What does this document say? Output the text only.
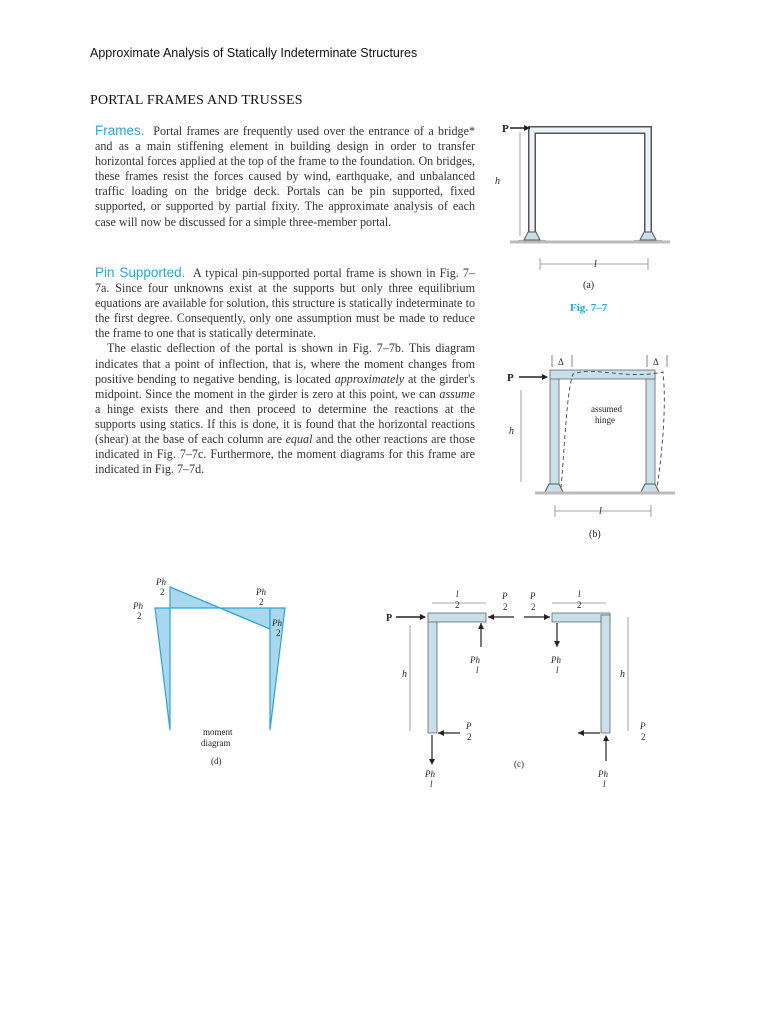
Approximate Analysis of Statically Indeterminate Structures
PORTAL FRAMES AND TRUSSES

Frames. Portal frames are frequently used over the entrance of a bridge* and as a main stiffening element in building design in order to transfer horizontal forces applied at the top of the frame to the foundation. On bridges, these frames resist the forces caused by wind, earthquake, and unbalanced traffic loading on the bridge deck. Portals can be pin supported, fixed supported, or supported by partial fixity. The approximate analysis of each case will now be discussed for a simple three-member portal.

Pin Supported. A typical pin-supported portal frame is shown in Fig. 7–7a. Since four unknowns exist at the supports but only three equilibrium equations are available for solution, this structure is statically indeterminate to the first degree. Consequently, only one assumption must be made to reduce the frame to one that is statically determinate.

The elastic deflection of the portal is shown in Fig. 7–7b. This diagram indicates that a point of inflection, that is, where the moment changes from positive bending to negative bending, is located approximately at the girder's midpoint. Since the moment in the girder is zero at this point, we can assume a hinge exists there and then proceed to determine the reactions at the supports using statics. If this is done, it is found that the horizontal reactions (shear) at the base of each column are equal and the other reactions are those indicated in Fig. 7–7c. Furthermore, the moment diagrams for this frame are indicated in Fig. 7–7d.

P
h
l
(a)
Fig. 7–7
P
h
Δ	Δ
assumed
hinge
l
(b)
Ph
2
Ph
2
Ph
2
Ph
2
moment
diagram
(d)
P
l
2
l
2
P
2
P
2
Ph
l
Ph
l
h	h
P
2
Ph
l
P
2
Ph
l
(c)
